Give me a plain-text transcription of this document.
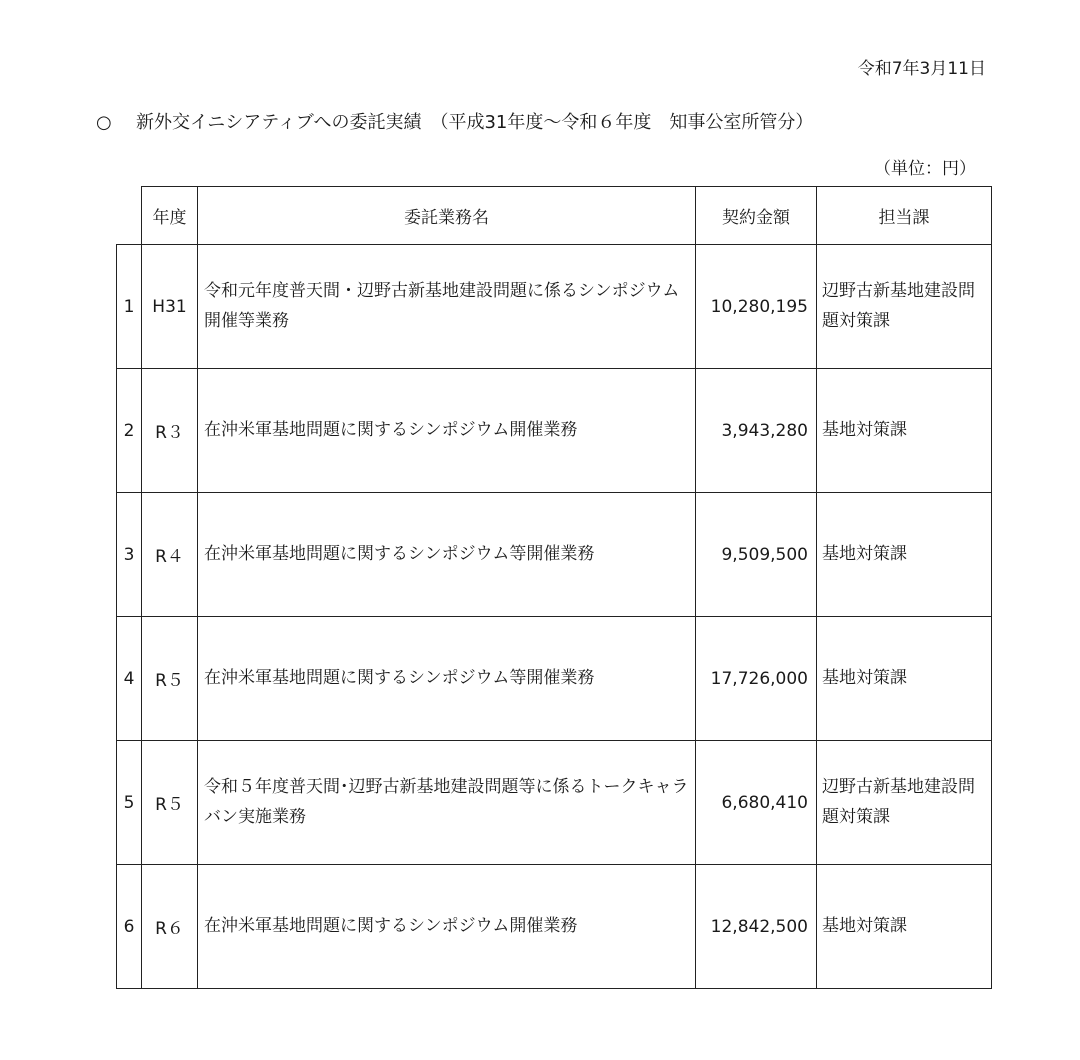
令和7年3月11日
○ 新外交イニシアティブへの委託実績　（平成31年度～令和６年度　知事公室所管分）
（単位：円）
	年度	委託業務名	契約金額	担当課
1	H31	令和元年度普天間・辺野古新基地建設問題に係るシンポジウム開催等業務	10,280,195	辺野古新基地建設問題対策課
2	R３	在沖米軍基地問題に関するシンポジウム開催業務	3,943,280	基地対策課
3	R４	在沖米軍基地問題に関するシンポジウム等開催業務	9,509,500	基地対策課
4	R５	在沖米軍基地問題に関するシンポジウム等開催業務	17,726,000	基地対策課
5	R５	令和５年度普天間･辺野古新基地建設問題等に係るトークキャラバン実施業務	6,680,410	辺野古新基地建設問題対策課
6	R６	在沖米軍基地問題に関するシンポジウム開催業務	12,842,500	基地対策課
